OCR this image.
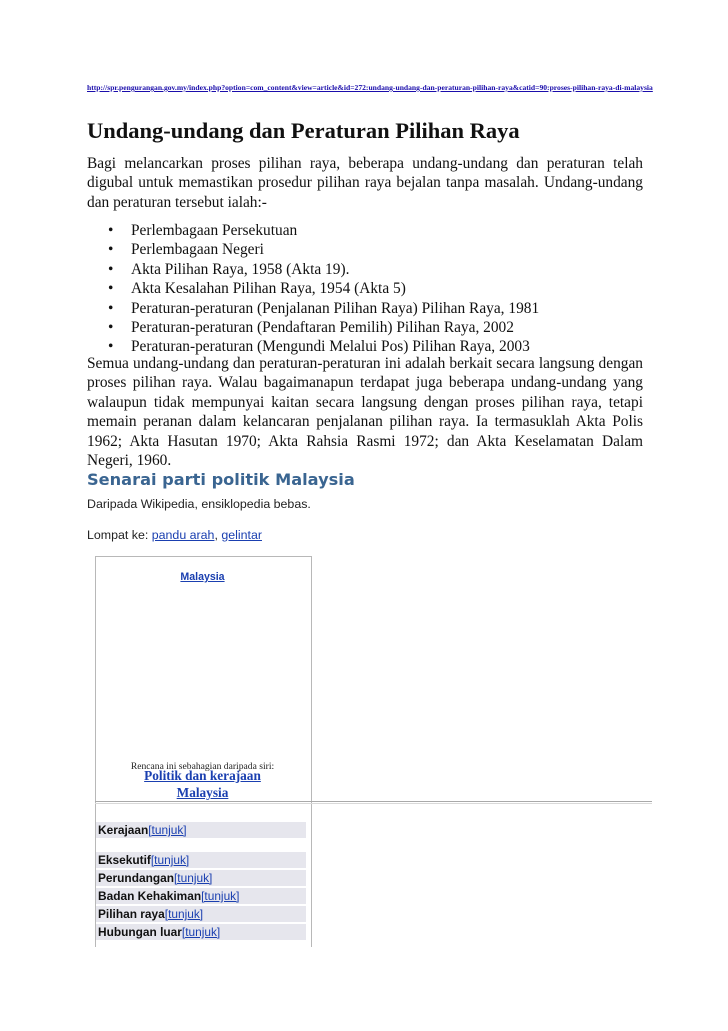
http://spr.pengurangan.gov.my/index.php?option=com_content&view=article&id=272:undang-undang-dan-peraturan-pilihan-raya&catid=90:proses-pilihan-raya-di-malaysia
Undang-undang dan Peraturan Pilihan Raya

Bagi melancarkan proses pilihan raya, beberapa undang-undang dan peraturan telah digubal untuk memastikan prosedur pilihan raya bejalan tanpa masalah. Undang-undang dan peraturan tersebut ialah:-

• Perlembagaan Persekutuan
• Perlembagaan Negeri
• Akta Pilihan Raya, 1958 (Akta 19).
• Akta Kesalahan Pilihan Raya, 1954 (Akta 5)
• Peraturan-peraturan (Penjalanan Pilihan Raya) Pilihan Raya, 1981
• Peraturan-peraturan (Pendaftaran Pemilih) Pilihan Raya, 2002
• Peraturan-peraturan (Mengundi Melalui Pos) Pilihan Raya, 2003

Semua undang-undang dan peraturan-peraturan ini adalah berkait secara langsung dengan proses pilihan raya. Walau bagaimanapun terdapat juga beberapa undang-undang yang walaupun tidak mempunyai kaitan secara langsung dengan proses pilihan raya, tetapi memain peranan dalam kelancaran penjalanan pilihan raya. Ia termasuklah Akta Polis 1962; Akta Hasutan 1970; Akta Rahsia Rasmi 1972; dan Akta Keselamatan Dalam Negeri, 1960.

Senarai parti politik Malaysia
Daripada Wikipedia, ensiklopedia bebas.
Lompat ke: pandu arah, gelintar
Malaysia
Rencana ini sebahagian daripada siri:
Politik dan kerajaan
Malaysia
Kerajaan[tunjuk]
Eksekutif[tunjuk]
Perundangan[tunjuk]
Badan Kehakiman[tunjuk]
Pilihan raya[tunjuk]
Hubungan luar[tunjuk]
